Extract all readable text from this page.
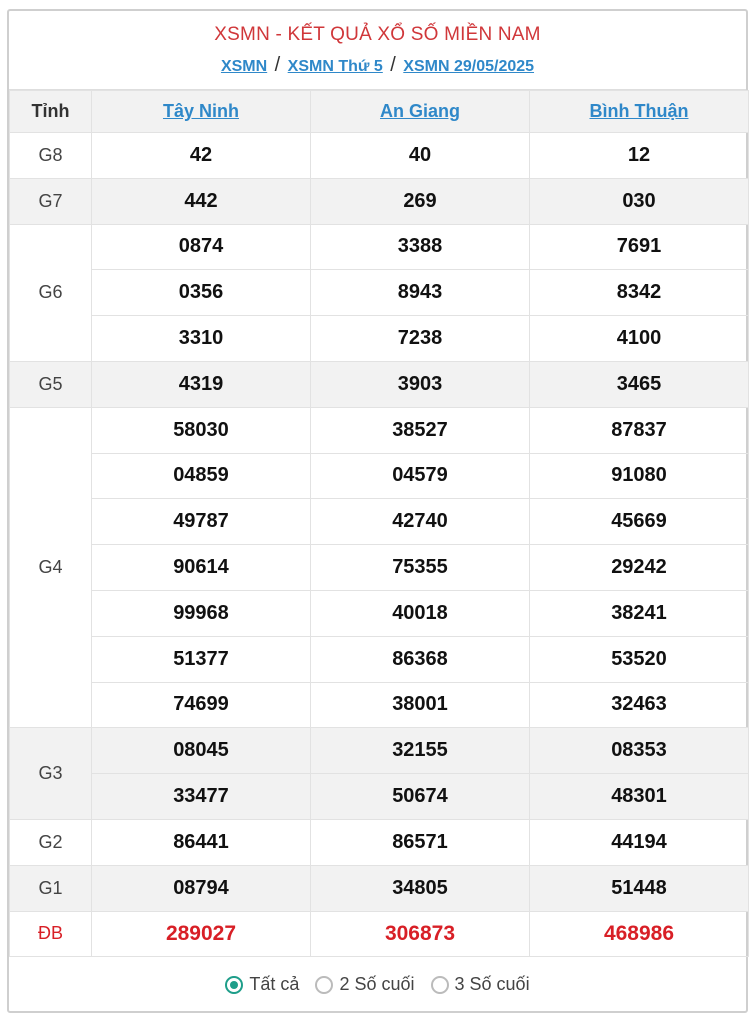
XSMN - KẾT QUẢ XỔ SỐ MIỀN NAM
XSMN / XSMN Thứ 5 / XSMN 29/05/2025
Tỉnh	Tây Ninh	An Giang	Bình Thuận
G8	42	40	12
G7	442	269	030
G6	0874	3388	7691
	0356	8943	8342
	3310	7238	4100
G5	4319	3903	3465
G4	58030	38527	87837
	04859	04579	91080
	49787	42740	45669
	90614	75355	29242
	99968	40018	38241
	51377	86368	53520
	74699	38001	32463
G3	08045	32155	08353
	33477	50674	48301
G2	86441	86571	44194
G1	08794	34805	51448
ĐB	289027	306873	468986
Tất cả 2 Số cuối 3 Số cuối
